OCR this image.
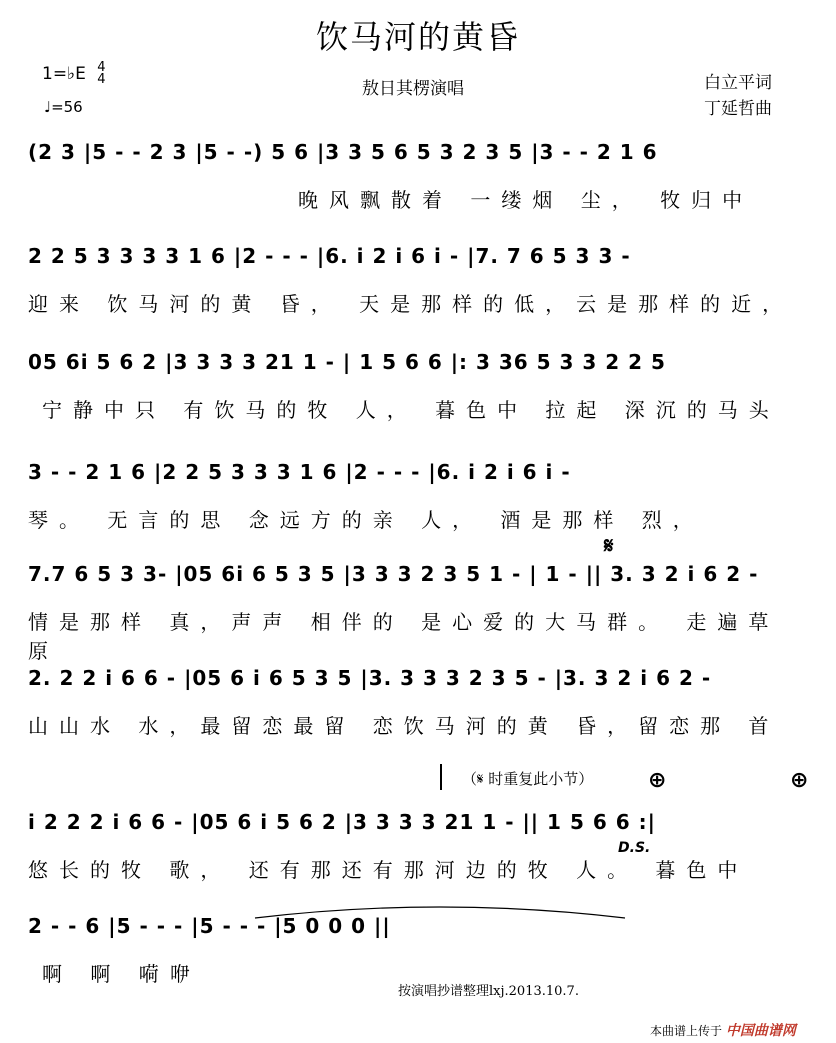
饮马河的黄昏
1=♭E 4
4
♩=56
敖日其楞演唱	白立平词
丁延哲曲
(2 3 |5 - - 2 3 |5 - -) 5 6 |3 3 5 6 5 3 2 3 5 |3 - - 2 1 6
晚风飘散着 一缕烟 尘， 牧归中
2 2 5 3 3 3 3 1 6 |2 - - - |6. i 2 i 6 i - |7. 7 6 5 3 3 -
迎来 饮马河的黄 昏， 天是那样的低，云是那样的近，
05 6i 5 6 2 |3 3 3 3 21 1 - | 1 5 6 6 |: 3 36 5 3 3 2 2 5
宁静中只 有饮马的牧 人， 暮色中 拉起 深沉的马头
3 - - 2 1 6 |2 2 5 3 3 3 1 6 |2 - - - |6. i 2 i 6 i -
琴。 无言的思 念远方的亲 人， 酒是那样 烈，
7.7 6 5 3 3- |05 6i 6 5 3 5 |3 3 3 2 3 5 1 - | 1 - || 3. 3 2 i 6 2 -
情是那样 真，声声 相伴的 是心爱的大马群。 走遍草 原
𝄋
2. 2 2 i 6 6 - |05 6 i 6 5 3 5 |3. 3 3 3 2 3 5 - |3. 3 2 i 6 2 -
山山水 水，最留恋最留 恋饮马河的黄 昏，留恋那 首
（𝄋 时重复此小节） ⊕	⊕
i 2 2 2 i 6 6 - |05 6 i 5 6 2 |3 3 3 3 21 1 - || 1 5 6 6 :|
悠长的牧 歌， 还有那还有那河边的牧 人。 暮色中
D.S.
2 - - 6 |5 - - - |5 - - - |5 0 0 0 ||
啊 啊 嗬咿
按演唱抄谱整理lxj.2013.10.7.
本曲谱上传于 中国曲谱网
